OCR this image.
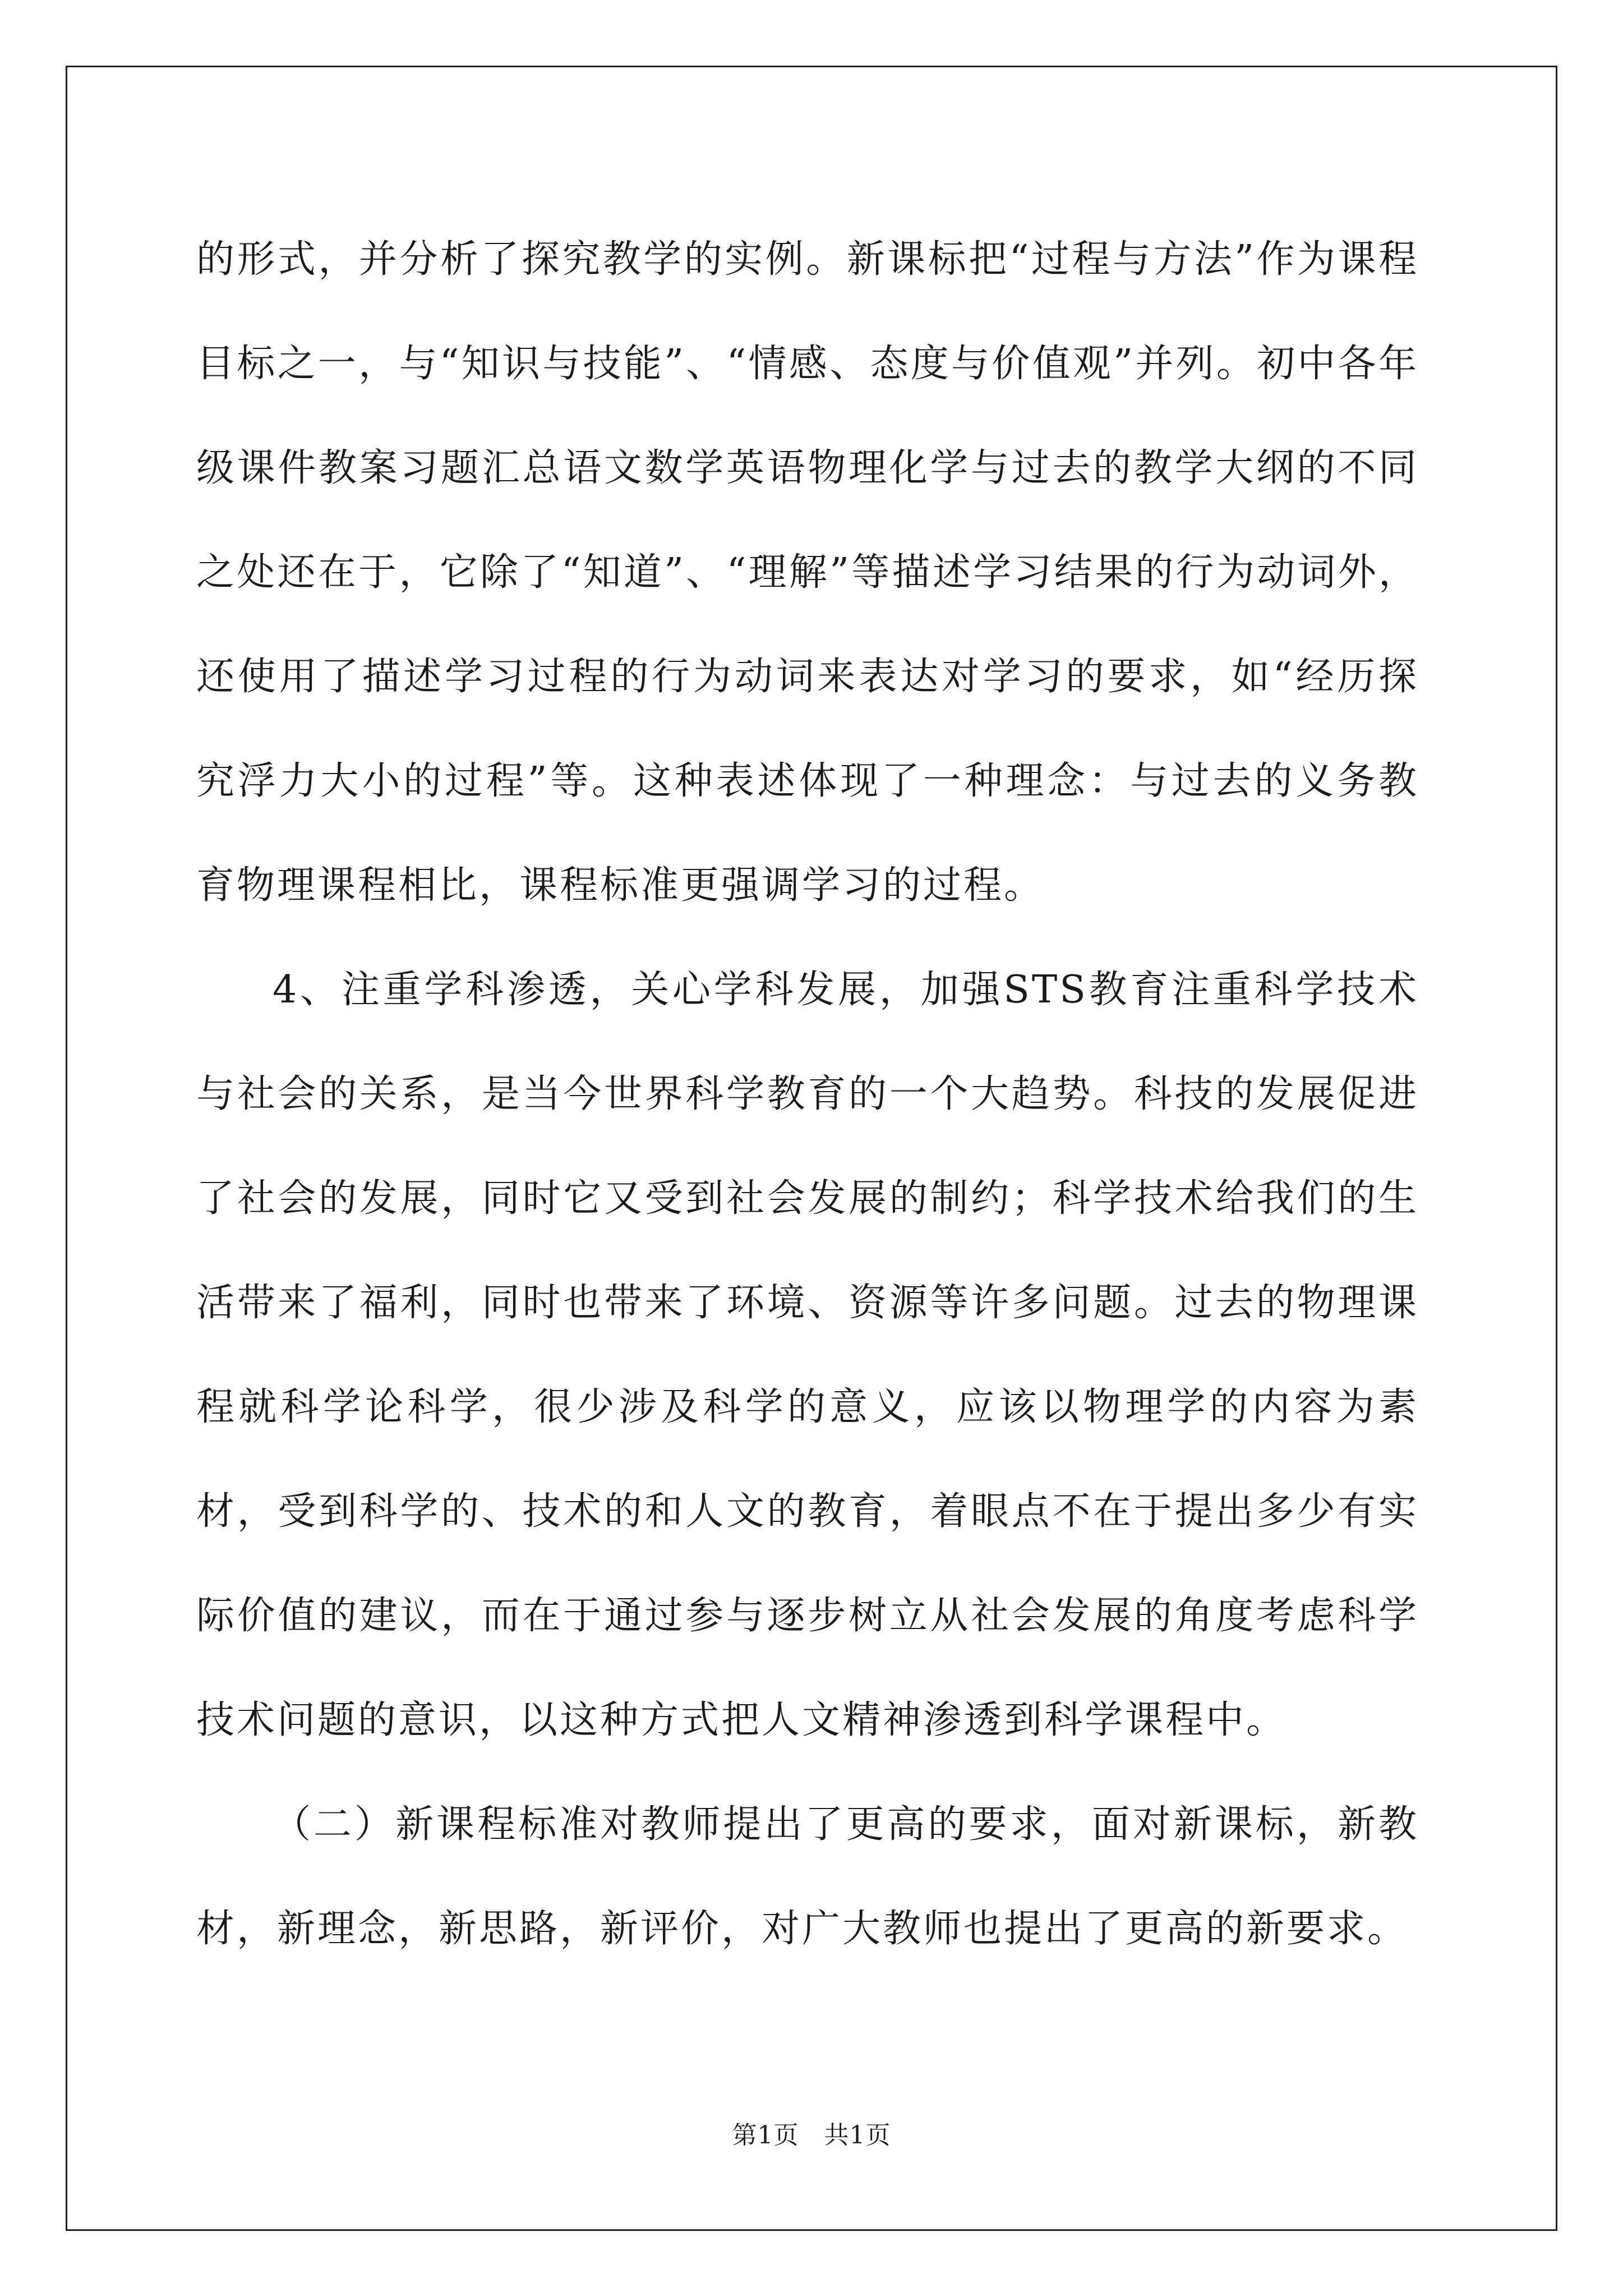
的形式，并分析了探究教学的实例。新课标把“过程与方法”作为课程目标之一，与“知识与技能”、“情感、态度与价值观”并列。初中各年级课件教案习题汇总语文数学英语物理化学与过去的教学大纲的不同之处还在于，它除了“知道”、“理解”等描述学习结果的行为动词外，还使用了描述学习过程的行为动词来表达对学习的要求，如“经历探究浮力大小的过程”等。这种表述体现了一种理念：与过去的义务教育物理课程相比，课程标准更强调学习的过程。

4、注重学科渗透，关心学科发展，加强STS教育注重科学技术与社会的关系，是当今世界科学教育的一个大趋势。科技的发展促进了社会的发展，同时它又受到社会发展的制约；科学技术给我们的生活带来了福利，同时也带来了环境、资源等许多问题。过去的物理课程就科学论科学，很少涉及科学的意义，应该以物理学的内容为素材，受到科学的、技术的和人文的教育，着眼点不在于提出多少有实际价值的建议，而在于通过参与逐步树立从社会发展的角度考虑科学技术问题的意识，以这种方式把人文精神渗透到科学课程中。

（二）新课程标准对教师提出了更高的要求，面对新课标，新教材，新理念，新思路，新评价，对广大教师也提出了更高的新要求。

第1页　共1页
